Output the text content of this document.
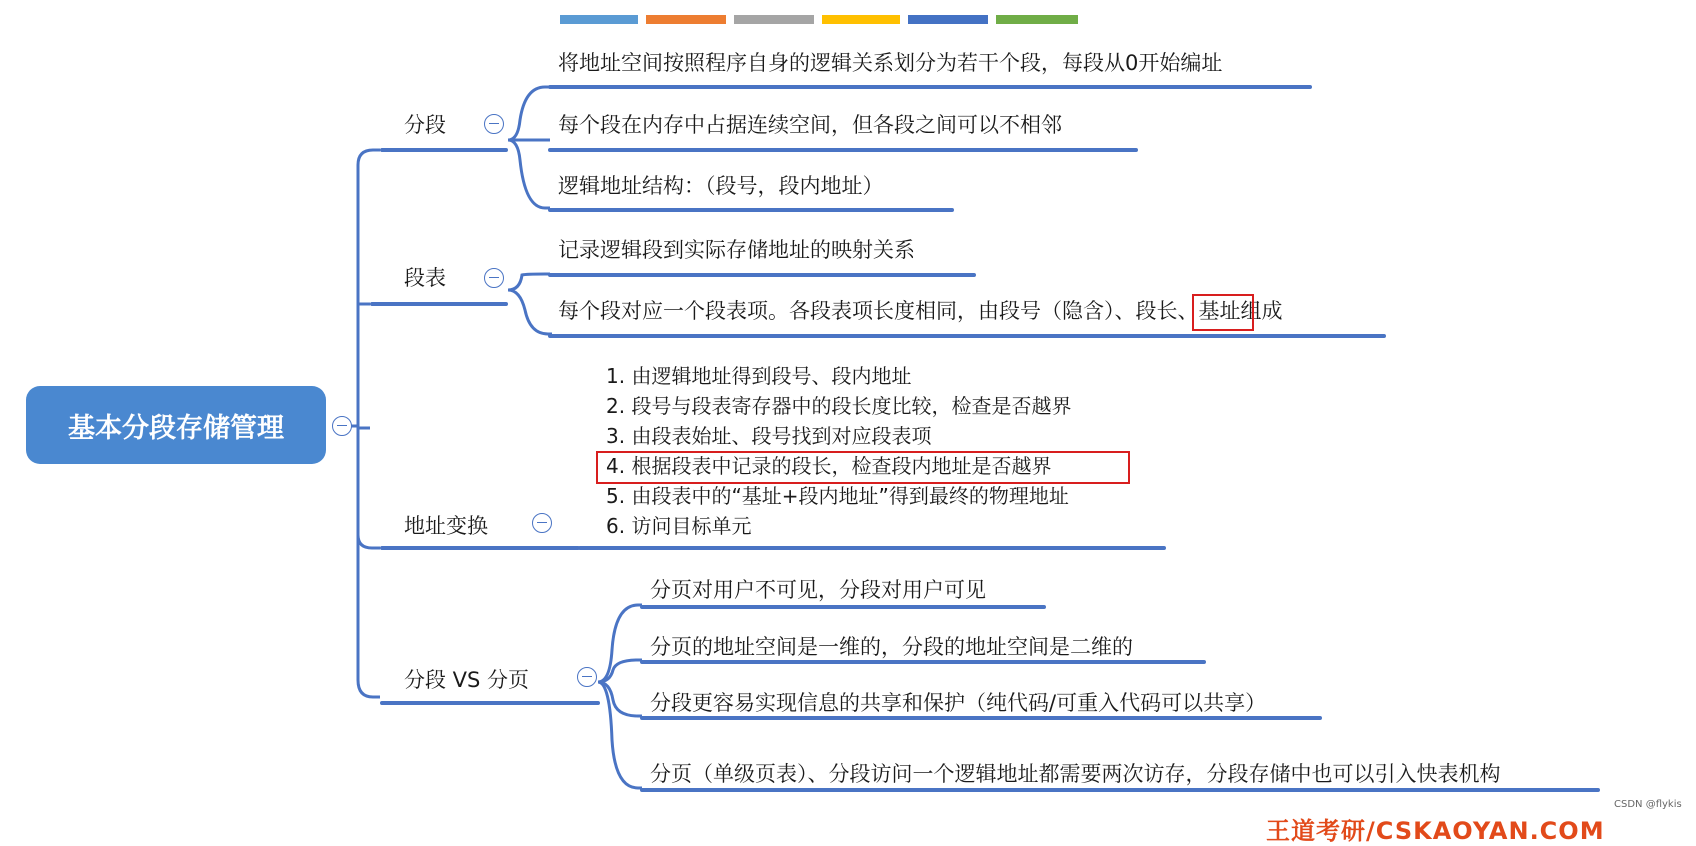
基本分段存储管理
分段
将地址空间按照程序自身的逻辑关系划分为若干个段，每段从0开始编址
每个段在内存中占据连续空间，但各段之间可以不相邻
逻辑地址结构：（段号，段内地址）
段表
记录逻辑段到实际存储地址的映射关系
每个段对应一个段表项。各段表项长度相同，由段号（隐含）、段长、基址组成
地址变换
1. 由逻辑地址得到段号、段内地址
2. 段号与段表寄存器中的段长度比较，检查是否越界
3. 由段表始址、段号找到对应段表项
4. 根据段表中记录的段长，检查段内地址是否越界
5. 由段表中的“基址+段内地址”得到最终的物理地址
6. 访问目标单元
分段 VS 分页
分页对用户不可见，分段对用户可见
分页的地址空间是一维的，分段的地址空间是二维的
分段更容易实现信息的共享和保护（纯代码/可重入代码可以共享）
分页（单级页表）、分段访问一个逻辑地址都需要两次访存，分段存储中也可以引入快表机构
CSDN @flykis
王道考研/CSKAOYAN.COM
